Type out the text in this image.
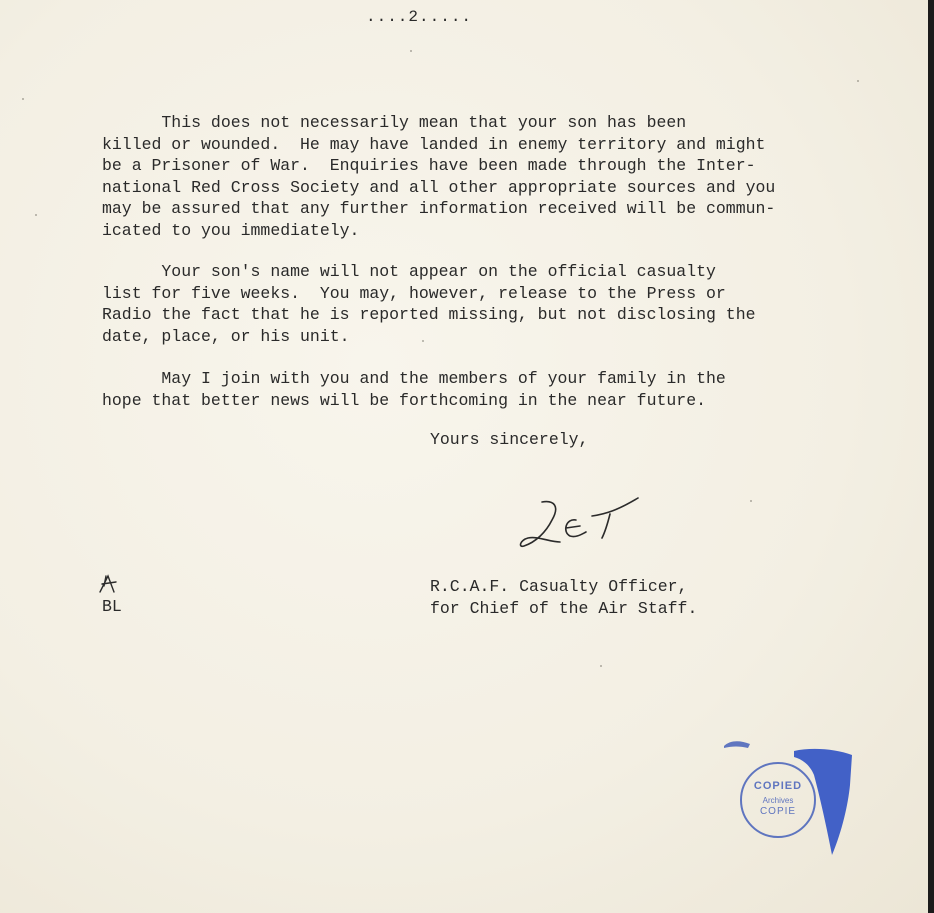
....2.....
This does not necessarily mean that your son has been
killed or wounded.  He may have landed in enemy territory and might
be a Prisoner of War.  Enquiries have been made through the Inter-
national Red Cross Society and all other appropriate sources and you
may be assured that any further information received will be commun-
icated to you immediately.
Your son's name will not appear on the official casualty
list for five weeks.  You may, however, release to the Press or
Radio the fact that he is reported missing, but not disclosing the
date, place, or his unit.
May I join with you and the members of your family in the
hope that better news will be forthcoming in the near future.
Yours sincerely,
BL
R.C.A.F. Casualty Officer,
for Chief of the Air Staff.
COPIED
Archives
COPIE
